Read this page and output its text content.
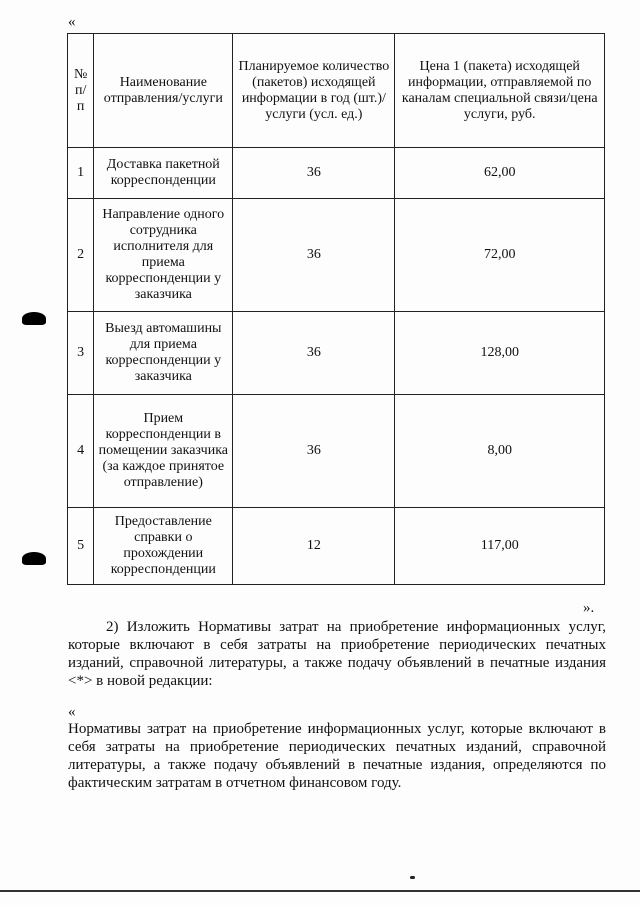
«
№ п/п	Наименование отправления/услуги	Планируемое количество (пакетов) исходящей информации в год (шт.)/услуги (усл. ед.)	Цена 1 (пакета) исходящей информации, отправляемой по каналам специальной связи/цена услуги, руб.
1	Доставка пакетной корреспонденции	36	62,00
2	Направление одного сотрудника исполнителя для приема корреспонденции у заказчика	36	72,00
3	Выезд автомашины для приема корреспонденции у заказчика	36	128,00
4	Прием корреспонденции в помещении заказчика (за каждое принятое отправление)	36	8,00
5	Предоставление справки о прохождении корреспонденции	12	117,00
».
2) Изложить Нормативы затрат на приобретение информационных услуг, которые включают в себя затраты на приобретение периодических печатных изданий, справочной литературы, а также подачу объявлений в печатные издания <*> в новой редакции:
«
Нормативы затрат на приобретение информационных услуг, которые включают в себя затраты на приобретение периодических печатных изданий, справочной литературы, а также подачу объявлений в печатные издания, определяются по фактическим затратам в отчетном финансовом году.
